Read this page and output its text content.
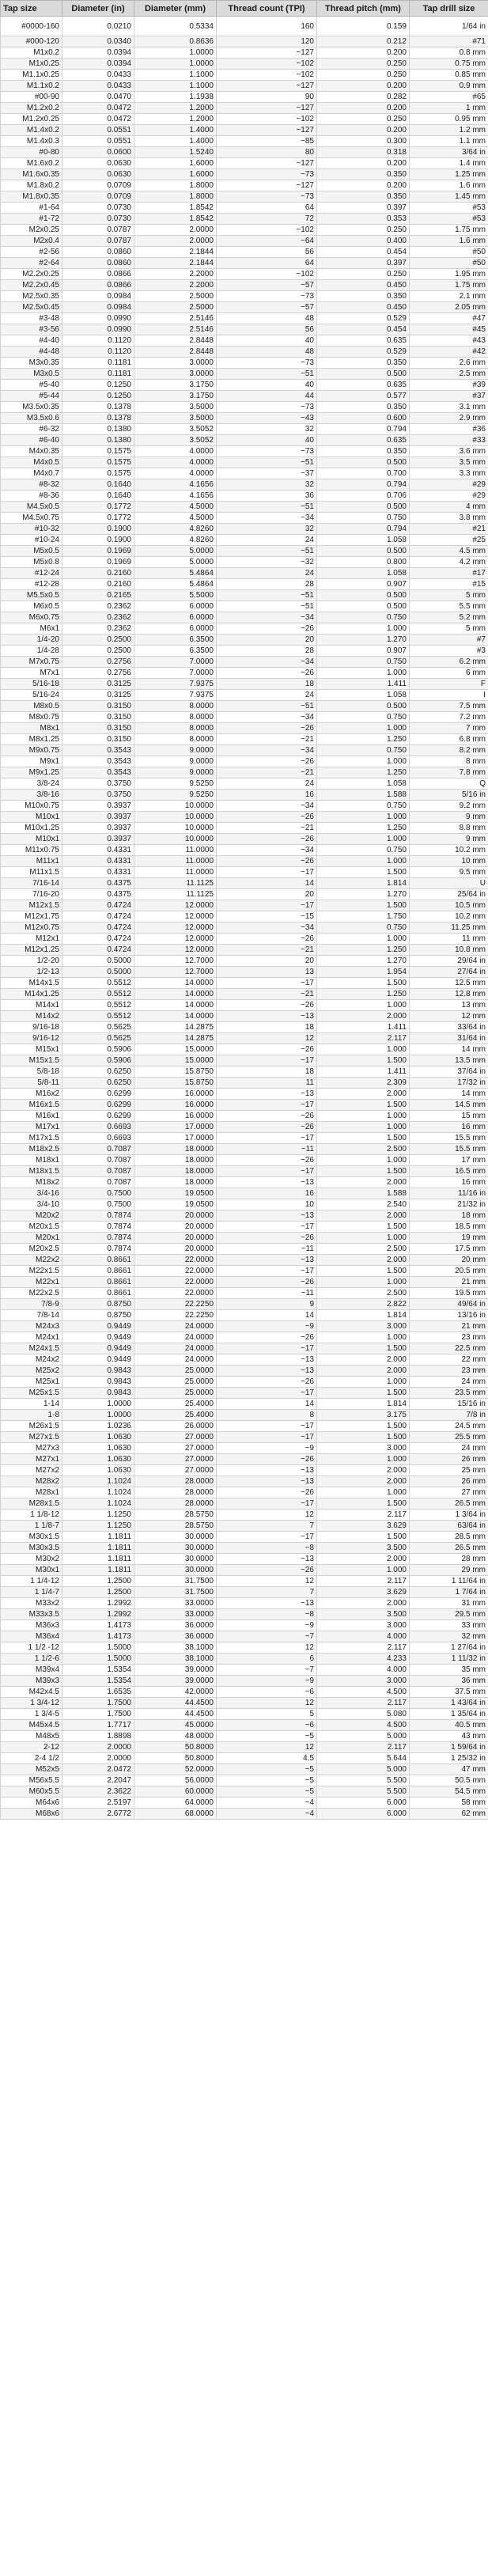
Tap size	Diameter (in)	Diameter (mm)	Thread count (TPI)	Thread pitch (mm)	Tap drill size
#0000-160	0.0210	0.5334	160	0.159	1/64 in
#000-120	0.0340	0.8636	120	0.212	#71
M1x0.2	0.0394	1.0000	~127	0.200	0.8 mm
M1x0.25	0.0394	1.0000	~102	0.250	0.75 mm
M1.1x0.25	0.0433	1.1000	~102	0.250	0.85 mm
M1.1x0.2	0.0433	1.1000	~127	0.200	0.9 mm
#00-90	0.0470	1.1938	90	0.282	#65
M1.2x0.2	0.0472	1.2000	~127	0.200	1 mm
M1.2x0.25	0.0472	1.2000	~102	0.250	0.95 mm
M1.4x0.2	0.0551	1.4000	~127	0.200	1.2 mm
M1.4x0.3	0.0551	1.4000	~85	0.300	1.1 mm
#0-80	0.0600	1.5240	80	0.318	3/64 in
M1.6x0.2	0.0630	1.6000	~127	0.200	1.4 mm
M1.6x0.35	0.0630	1.6000	~73	0.350	1.25 mm
M1.8x0.2	0.0709	1.8000	~127	0.200	1.6 mm
M1.8x0.35	0.0709	1.8000	~73	0.350	1.45 mm
#1-64	0.0730	1.8542	64	0.397	#53
#1-72	0.0730	1.8542	72	0.353	#53
M2x0.25	0.0787	2.0000	~102	0.250	1.75 mm
M2x0.4	0.0787	2.0000	~64	0.400	1.6 mm
#2-56	0.0860	2.1844	56	0.454	#50
#2-64	0.0860	2.1844	64	0.397	#50
M2.2x0.25	0.0866	2.2000	~102	0.250	1.95 mm
M2.2x0.45	0.0866	2.2000	~57	0.450	1.75 mm
M2.5x0.35	0.0984	2.5000	~73	0.350	2.1 mm
M2.5x0.45	0.0984	2.5000	~57	0.450	2.05 mm
#3-48	0.0990	2.5146	48	0.529	#47
#3-56	0.0990	2.5146	56	0.454	#45
#4-40	0.1120	2.8448	40	0.635	#43
#4-48	0.1120	2.8448	48	0.529	#42
M3x0.35	0.1181	3.0000	~73	0.350	2.6 mm
M3x0.5	0.1181	3.0000	~51	0.500	2.5 mm
#5-40	0.1250	3.1750	40	0.635	#39
#5-44	0.1250	3.1750	44	0.577	#37
M3.5x0.35	0.1378	3.5000	~73	0.350	3.1 mm
M3.5x0.6	0.1378	3.5000	~43	0.600	2.9 mm
#6-32	0.1380	3.5052	32	0.794	#36
#6-40	0.1380	3.5052	40	0.635	#33
M4x0.35	0.1575	4.0000	~73	0.350	3.6 mm
M4x0.5	0.1575	4.0000	~51	0.500	3.5 mm
M4x0.7	0.1575	4.0000	~37	0.700	3.3 mm
#8-32	0.1640	4.1656	32	0.794	#29
#8-36	0.1640	4.1656	36	0.706	#29
M4.5x0.5	0.1772	4.5000	~51	0.500	4 mm
M4.5x0.75	0.1772	4.5000	~34	0.750	3.8 mm
#10-32	0.1900	4.8260	32	0.794	#21
#10-24	0.1900	4.8260	24	1.058	#25
M5x0.5	0.1969	5.0000	~51	0.500	4.5 mm
M5x0.8	0.1969	5.0000	~32	0.800	4.2 mm
#12-24	0.2160	5.4864	24	1.058	#17
#12-28	0.2160	5.4864	28	0.907	#15
M5.5x0.5	0.2165	5.5000	~51	0.500	5 mm
M6x0.5	0.2362	6.0000	~51	0.500	5.5 mm
M6x0.75	0.2362	6.0000	~34	0.750	5.2 mm
M6x1	0.2362	6.0000	~26	1.000	5 mm
1/4-20	0.2500	6.3500	20	1.270	#7
1/4-28	0.2500	6.3500	28	0.907	#3
M7x0.75	0.2756	7.0000	~34	0.750	6.2 mm
M7x1	0.2756	7.0000	~26	1.000	6 mm
5/16-18	0.3125	7.9375	18	1.411	F
5/16-24	0.3125	7.9375	24	1.058	I
M8x0.5	0.3150	8.0000	~51	0.500	7.5 mm
M8x0.75	0.3150	8.0000	~34	0.750	7.2 mm
M8x1	0.3150	8.0000	~26	1.000	7 mm
M8x1.25	0.3150	8.0000	~21	1.250	6.8 mm
M9x0.75	0.3543	9.0000	~34	0.750	8.2 mm
M9x1	0.3543	9.0000	~26	1.000	8 mm
M9x1.25	0.3543	9.0000	~21	1.250	7.8 mm
3/8-24	0.3750	9.5250	24	1.058	Q
3/8-16	0.3750	9.5250	16	1.588	5/16 in
M10x0.75	0.3937	10.0000	~34	0.750	9.2 mm
M10x1	0.3937	10.0000	~26	1.000	9 mm
M10x1.25	0.3937	10.0000	~21	1.250	8.8 mm
M10x1	0.3937	10.0000	~26	1.000	9 mm
M11x0.75	0.4331	11.0000	~34	0.750	10.2 mm
M11x1	0.4331	11.0000	~26	1.000	10 mm
M11x1.5	0.4331	11.0000	~17	1.500	9.5 mm
7/16-14	0.4375	11.1125	14	1.814	U
7/16-20	0.4375	11.1125	20	1.270	25/64 in
M12x1.5	0.4724	12.0000	~17	1.500	10.5 mm
M12x1.75	0.4724	12.0000	~15	1.750	10.2 mm
M12x0.75	0.4724	12.0000	~34	0.750	11.25 mm
M12x1	0.4724	12.0000	~26	1.000	11 mm
M12x1.25	0.4724	12.0000	~21	1.250	10.8 mm
1/2-20	0.5000	12.7000	20	1.270	29/64 in
1/2-13	0.5000	12.7000	13	1.954	27/64 in
M14x1.5	0.5512	14.0000	~17	1.500	12.5 mm
M14x1.25	0.5512	14.0000	~21	1.250	12.8 mm
M14x1	0.5512	14.0000	~26	1.000	13 mm
M14x2	0.5512	14.0000	~13	2.000	12 mm
9/16-18	0.5625	14.2875	18	1.411	33/64 in
9/16-12	0.5625	14.2875	12	2.117	31/64 in
M15x1	0.5906	15.0000	~26	1.000	14 mm
M15x1.5	0.5906	15.0000	~17	1.500	13.5 mm
5/8-18	0.6250	15.8750	18	1.411	37/64 in
5/8-11	0.6250	15.8750	11	2.309	17/32 in
M16x2	0.6299	16.0000	~13	2.000	14 mm
M16x1.5	0.6299	16.0000	~17	1.500	14.5 mm
M16x1	0.6299	16.0000	~26	1.000	15 mm
M17x1	0.6693	17.0000	~26	1.000	16 mm
M17x1.5	0.6693	17.0000	~17	1.500	15.5 mm
M18x2.5	0.7087	18.0000	~11	2.500	15.5 mm
M18x1	0.7087	18.0000	~26	1.000	17 mm
M18x1.5	0.7087	18.0000	~17	1.500	16.5 mm
M18x2	0.7087	18.0000	~13	2.000	16 mm
3/4-16	0.7500	19.0500	16	1.588	11/16 in
3/4-10	0.7500	19.0500	10	2.540	21/32 in
M20x2	0.7874	20.0000	~13	2.000	18 mm
M20x1.5	0.7874	20.0000	~17	1.500	18.5 mm
M20x1	0.7874	20.0000	~26	1.000	19 mm
M20x2.5	0.7874	20.0000	~11	2.500	17.5 mm
M22x2	0.8661	22.0000	~13	2.000	20 mm
M22x1.5	0.8661	22.0000	~17	1.500	20.5 mm
M22x1	0.8661	22.0000	~26	1.000	21 mm
M22x2.5	0.8661	22.0000	~11	2.500	19.5 mm
7/8-9	0.8750	22.2250	9	2.822	49/64 in
7/8-14	0.8750	22.2250	14	1.814	13/16 in
M24x3	0.9449	24.0000	~9	3.000	21 mm
M24x1	0.9449	24.0000	~26	1.000	23 mm
M24x1.5	0.9449	24.0000	~17	1.500	22.5 mm
M24x2	0.9449	24.0000	~13	2.000	22 mm
M25x2	0.9843	25.0000	~13	2.000	23 mm
M25x1	0.9843	25.0000	~26	1.000	24 mm
M25x1.5	0.9843	25.0000	~17	1.500	23.5 mm
1-14	1.0000	25.4000	14	1.814	15/16 in
1-8	1.0000	25.4000	8	3.175	7/8 in
M26x1.5	1.0236	26.0000	~17	1.500	24.5 mm
M27x1.5	1.0630	27.0000	~17	1.500	25.5 mm
M27x3	1.0630	27.0000	~9	3.000	24 mm
M27x1	1.0630	27.0000	~26	1.000	26 mm
M27x2	1.0630	27.0000	~13	2.000	25 mm
M28x2	1.1024	28.0000	~13	2.000	26 mm
M28x1	1.1024	28.0000	~26	1.000	27 mm
M28x1.5	1.1024	28.0000	~17	1.500	26.5 mm
1 1/8-12	1.1250	28.5750	12	2.117	1 3/64 in
1 1/8-7	1.1250	28.5750	7	3.629	63/64 in
M30x1.5	1.1811	30.0000	~17	1.500	28.5 mm
M30x3.5	1.1811	30.0000	~8	3.500	26.5 mm
M30x2	1.1811	30.0000	~13	2.000	28 mm
M30x1	1.1811	30.0000	~26	1.000	29 mm
1 1/4-12	1.2500	31.7500	12	2.117	1 11/64 in
1 1/4-7	1.2500	31.7500	7	3.629	1 7/64 in
M33x2	1.2992	33.0000	~13	2.000	31 mm
M33x3.5	1.2992	33.0000	~8	3.500	29.5 mm
M36x3	1.4173	36.0000	~9	3.000	33 mm
M36x4	1.4173	36.0000	~7	4.000	32 mm
1 1/2 -12	1.5000	38.1000	12	2.117	1 27/64 in
1 1/2-6	1.5000	38.1000	6	4.233	1 11/32 in
M39x4	1.5354	39.0000	~7	4.000	35 mm
M39x3	1.5354	39.0000	~9	3.000	36 mm
M42x4.5	1.6535	42.0000	~6	4.500	37.5 mm
1 3/4-12	1.7500	44.4500	12	2.117	1 43/64 in
1 3/4-5	1.7500	44.4500	5	5.080	1 35/64 in
M45x4.5	1.7717	45.0000	~6	4.500	40.5 mm
M48x5	1.8898	48.0000	~5	5.000	43 mm
2-12	2.0000	50.8000	12	2.117	1 59/64 in
2-4 1/2	2.0000	50.8000	4.5	5.644	1 25/32 in
M52x5	2.0472	52.0000	~5	5.000	47 mm
M56x5.5	2.2047	56.0000	~5	5.500	50.5 mm
M60x5.5	2.3622	60.0000	~5	5.500	54.5 mm
M64x6	2.5197	64.0000	~4	6.000	58 mm
M68x6	2.6772	68.0000	~4	6.000	62 mm
